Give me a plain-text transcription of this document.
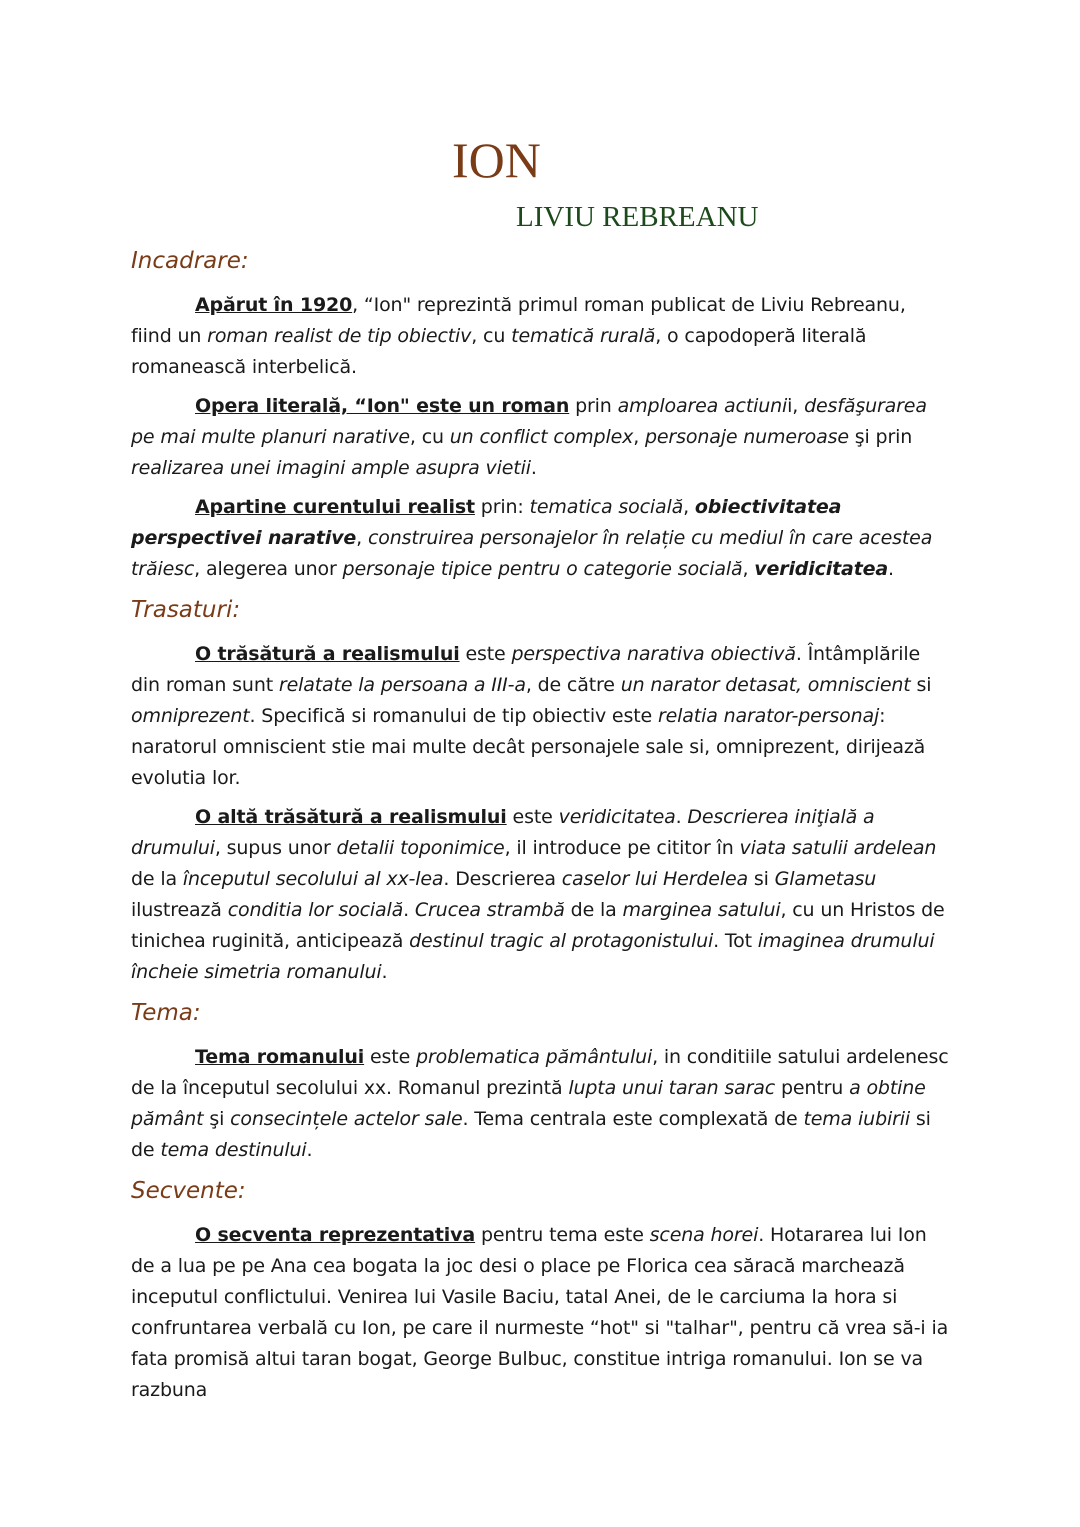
ION
LIVIU REBREANU
Incadrare:

Apărut în 1920, “Ion" reprezintă primul roman publicat de Liviu Rebreanu, fiind un roman realist de tip obiectiv, cu tematică rurală, o capodoperă literală romanească interbelică.

Opera literală, “Ion" este un roman prin amploarea actiunii, desfăşurarea pe mai multe planuri narative, cu un conflict complex, personaje numeroase şi prin realizarea unei imagini ample asupra vietii.

Apartine curentului realist prin: tematica socială, obiectivitatea perspectivei narative, construirea personajelor în relație cu mediul în care acestea trăiesc, alegerea unor personaje tipice pentru o categorie socială, veridicitatea.

Trasaturi:

O trăsătură a realismului este perspectiva narativa obiectivă. Întâmplările din roman sunt relatate la persoana a III-a, de către un narator detasat, omniscient si omniprezent. Specifică si romanului de tip obiectiv este relatia narator-personaj: naratorul omniscient stie mai multe decât personajele sale si, omniprezent, dirijează evolutia lor.

O altă trăsătură a realismului este veridicitatea. Descrierea iniţială a drumului, supus unor detalii toponimice, il introduce pe cititor în viata satulii ardelean de la începutul secolului al xx-lea. Descrierea caselor lui Herdelea si Glametasu ilustrează conditia lor socială. Crucea strambă de la marginea satului, cu un Hristos de tinichea ruginită, anticipează destinul tragic al protagonistului. Tot imaginea drumului încheie simetria romanului.

Tema:

Tema romanului este problematica pământului, in conditiile satului ardelenesc de la începutul secolului xx. Romanul prezintă lupta unui taran sarac pentru a obtine pământ şi consecințele actelor sale. Tema centrala este complexată de tema iubirii si de tema destinului.

Secvente:

O secventa reprezentativa pentru tema este scena horei. Hotararea lui Ion de a lua pe pe Ana cea bogata la joc desi o place pe Florica cea săracă marchează inceputul conflictului. Venirea lui Vasile Baciu, tatal Anei, de le carciuma la hora si confruntarea verbală cu Ion, pe care il nurmeste “hot" si "talhar", pentru că vrea să-i ia fata promisă altui taran bogat, George Bulbuc, constitue intriga romanului. Ion se va razbuna
